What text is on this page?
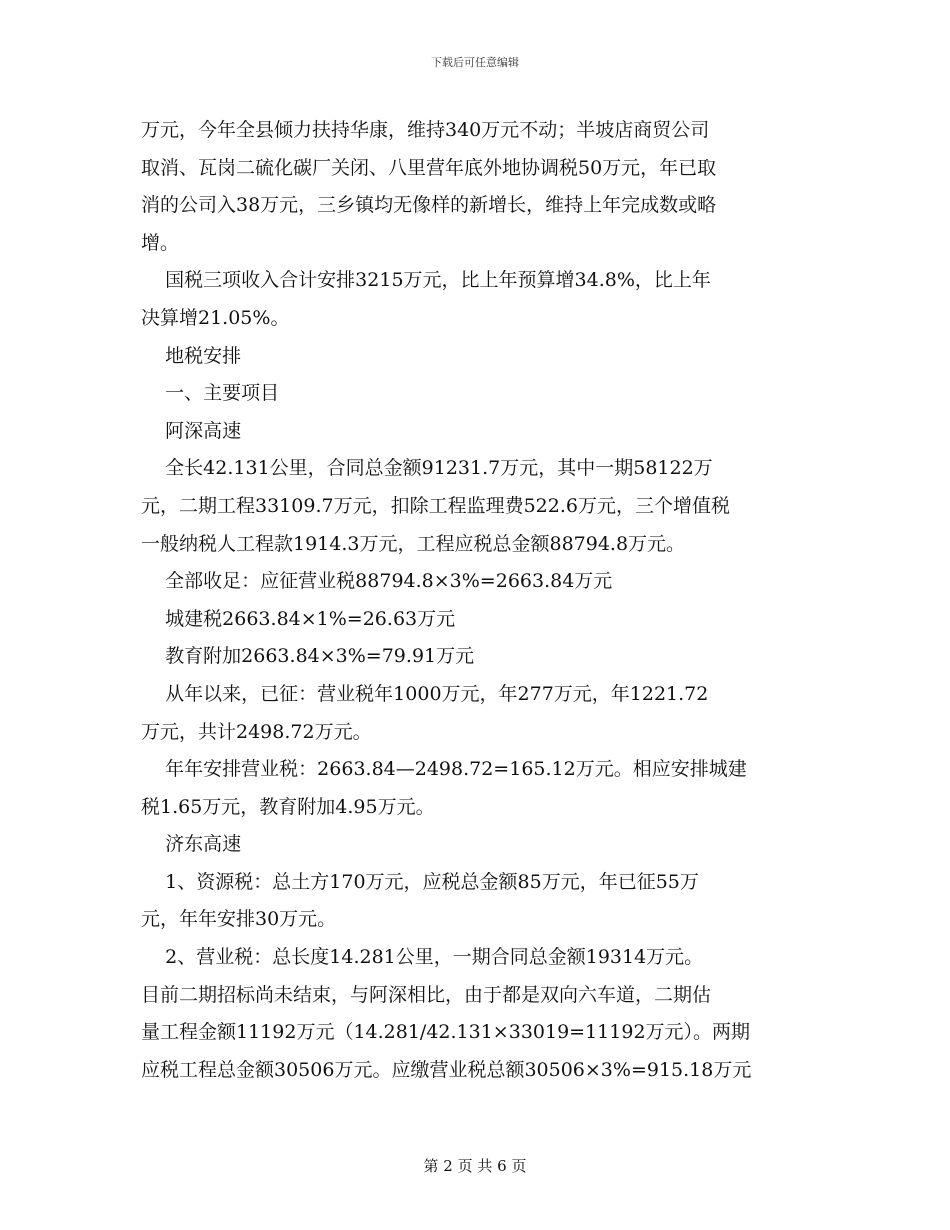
下载后可任意编辑

万元，今年全县倾力扶持华康，维持340万元不动；半坡店商贸公司

取消、瓦岗二硫化碳厂关闭、八里营年底外地协调税50万元，年已取

消的公司入38万元，三乡镇均无像样的新增长，维持上年完成数或略

增。

国税三项收入合计安排3215万元，比上年预算增34.8%，比上年

决算增21.05%。

地税安排

一、主要项目

阿深高速

全长42.131公里，合同总金额91231.7万元，其中一期58122万

元，二期工程33109.7万元，扣除工程监理费522.6万元，三个增值税

一般纳税人工程款1914.3万元，工程应税总金额88794.8万元。

全部收足：应征营业税88794.8×3%=2663.84万元

城建税2663.84×1%=26.63万元

教育附加2663.84×3%=79.91万元

从年以来，已征：营业税年1000万元，年277万元，年1221.72

万元，共计2498.72万元。

年年安排营业税：2663.84—2498.72=165.12万元。相应安排城建

税1.65万元，教育附加4.95万元。

济东高速

1、资源税：总土方170万元，应税总金额85万元，年已征55万

元，年年安排30万元。

2、营业税：总长度14.281公里，一期合同总金额19314万元。

目前二期招标尚未结束，与阿深相比，由于都是双向六车道，二期估

量工程金额11192万元（14.281/42.131×33019=11192万元）。两期

应税工程总金额30506万元。应缴营业税总额30506×3%=915.18万元

第 2 页 共 6 页
